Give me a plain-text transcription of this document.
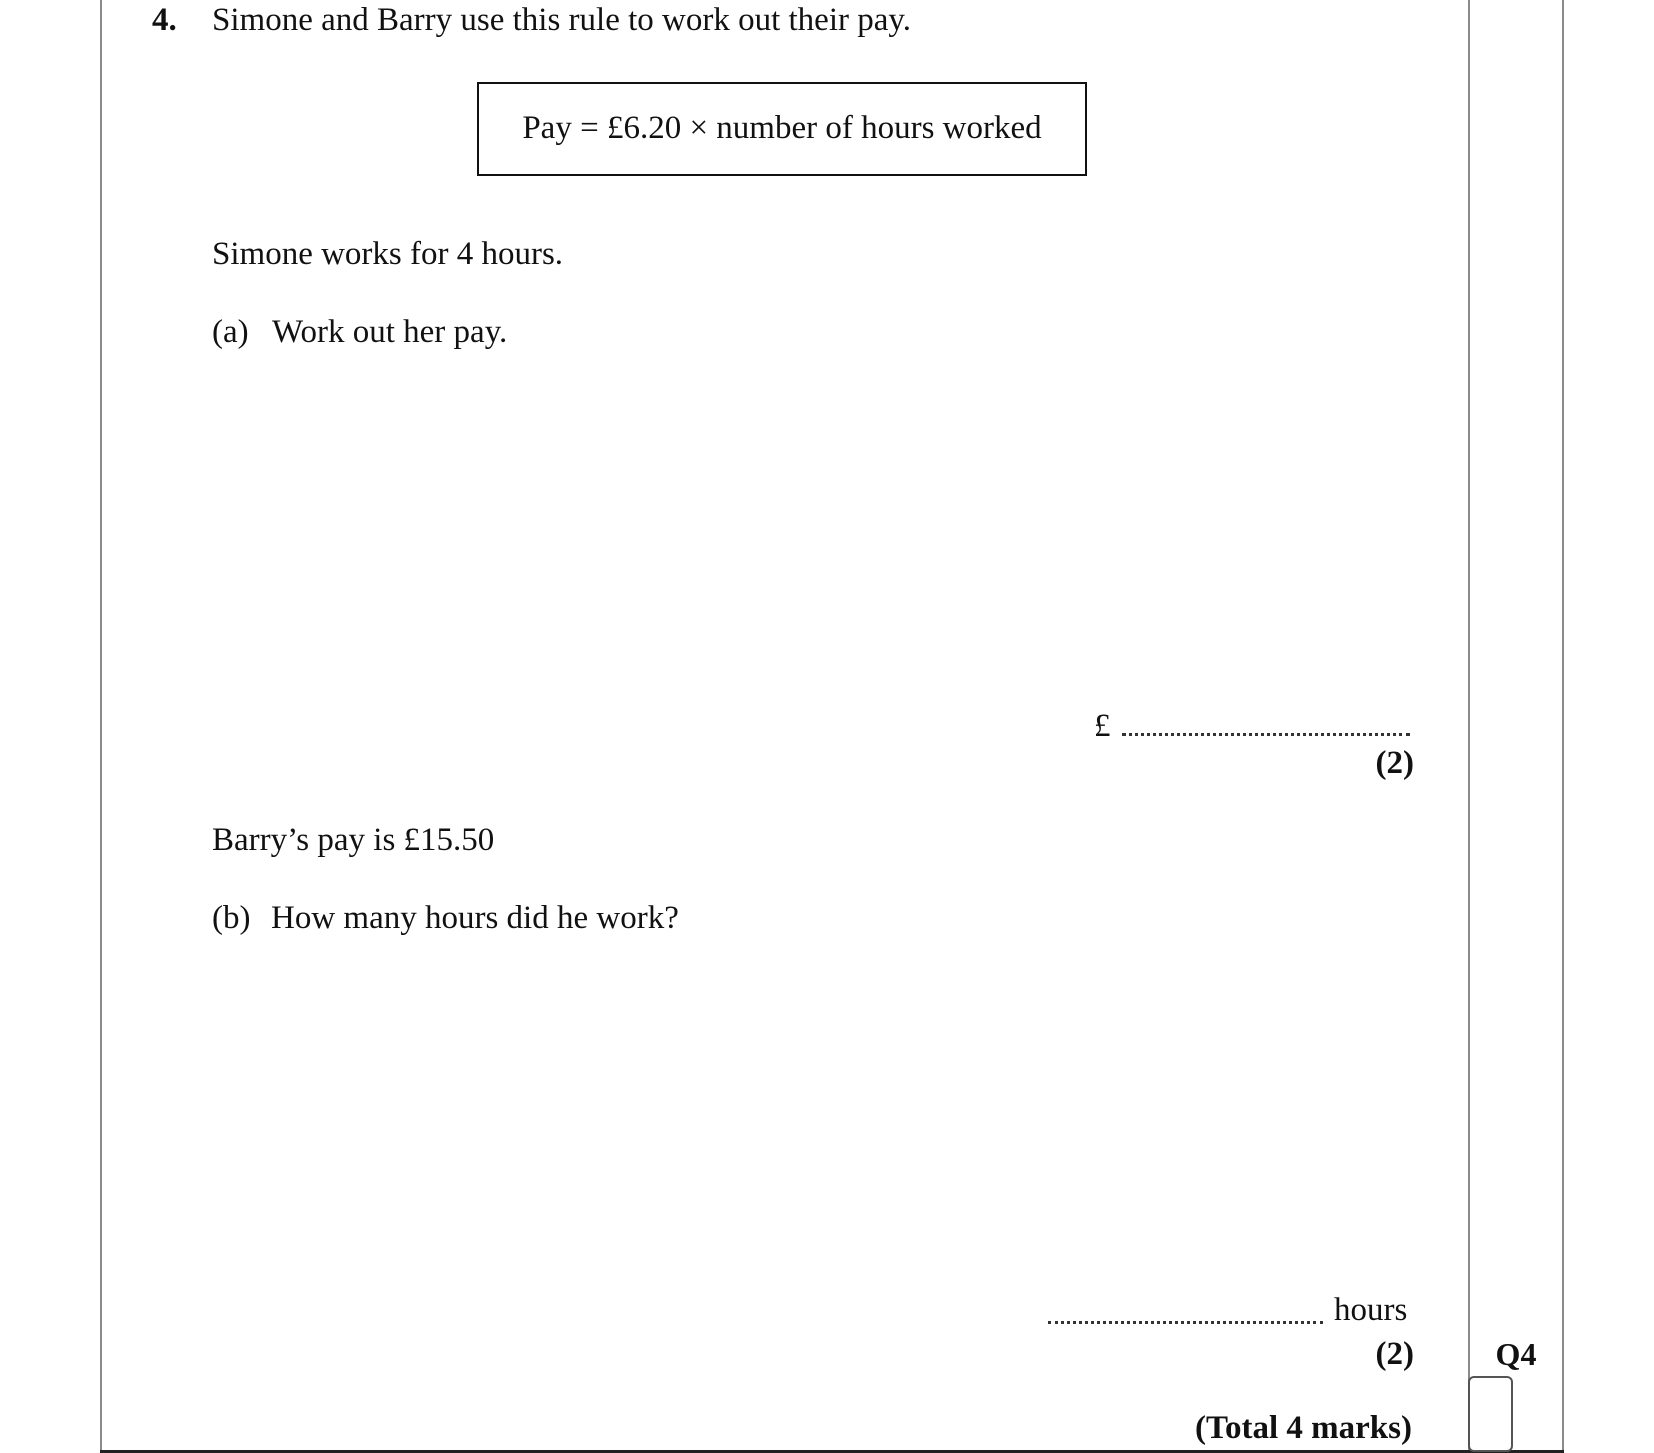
4. Simone and Barry use this rule to work out their pay.
Pay = £6.20 × number of hours worked
Simone works for 4 hours.
(a) Work out her pay.
£
(2)
Barry’s pay is £15.50
(b) How many hours did he work?
hours
(2)	Q4
(Total 4 marks)
